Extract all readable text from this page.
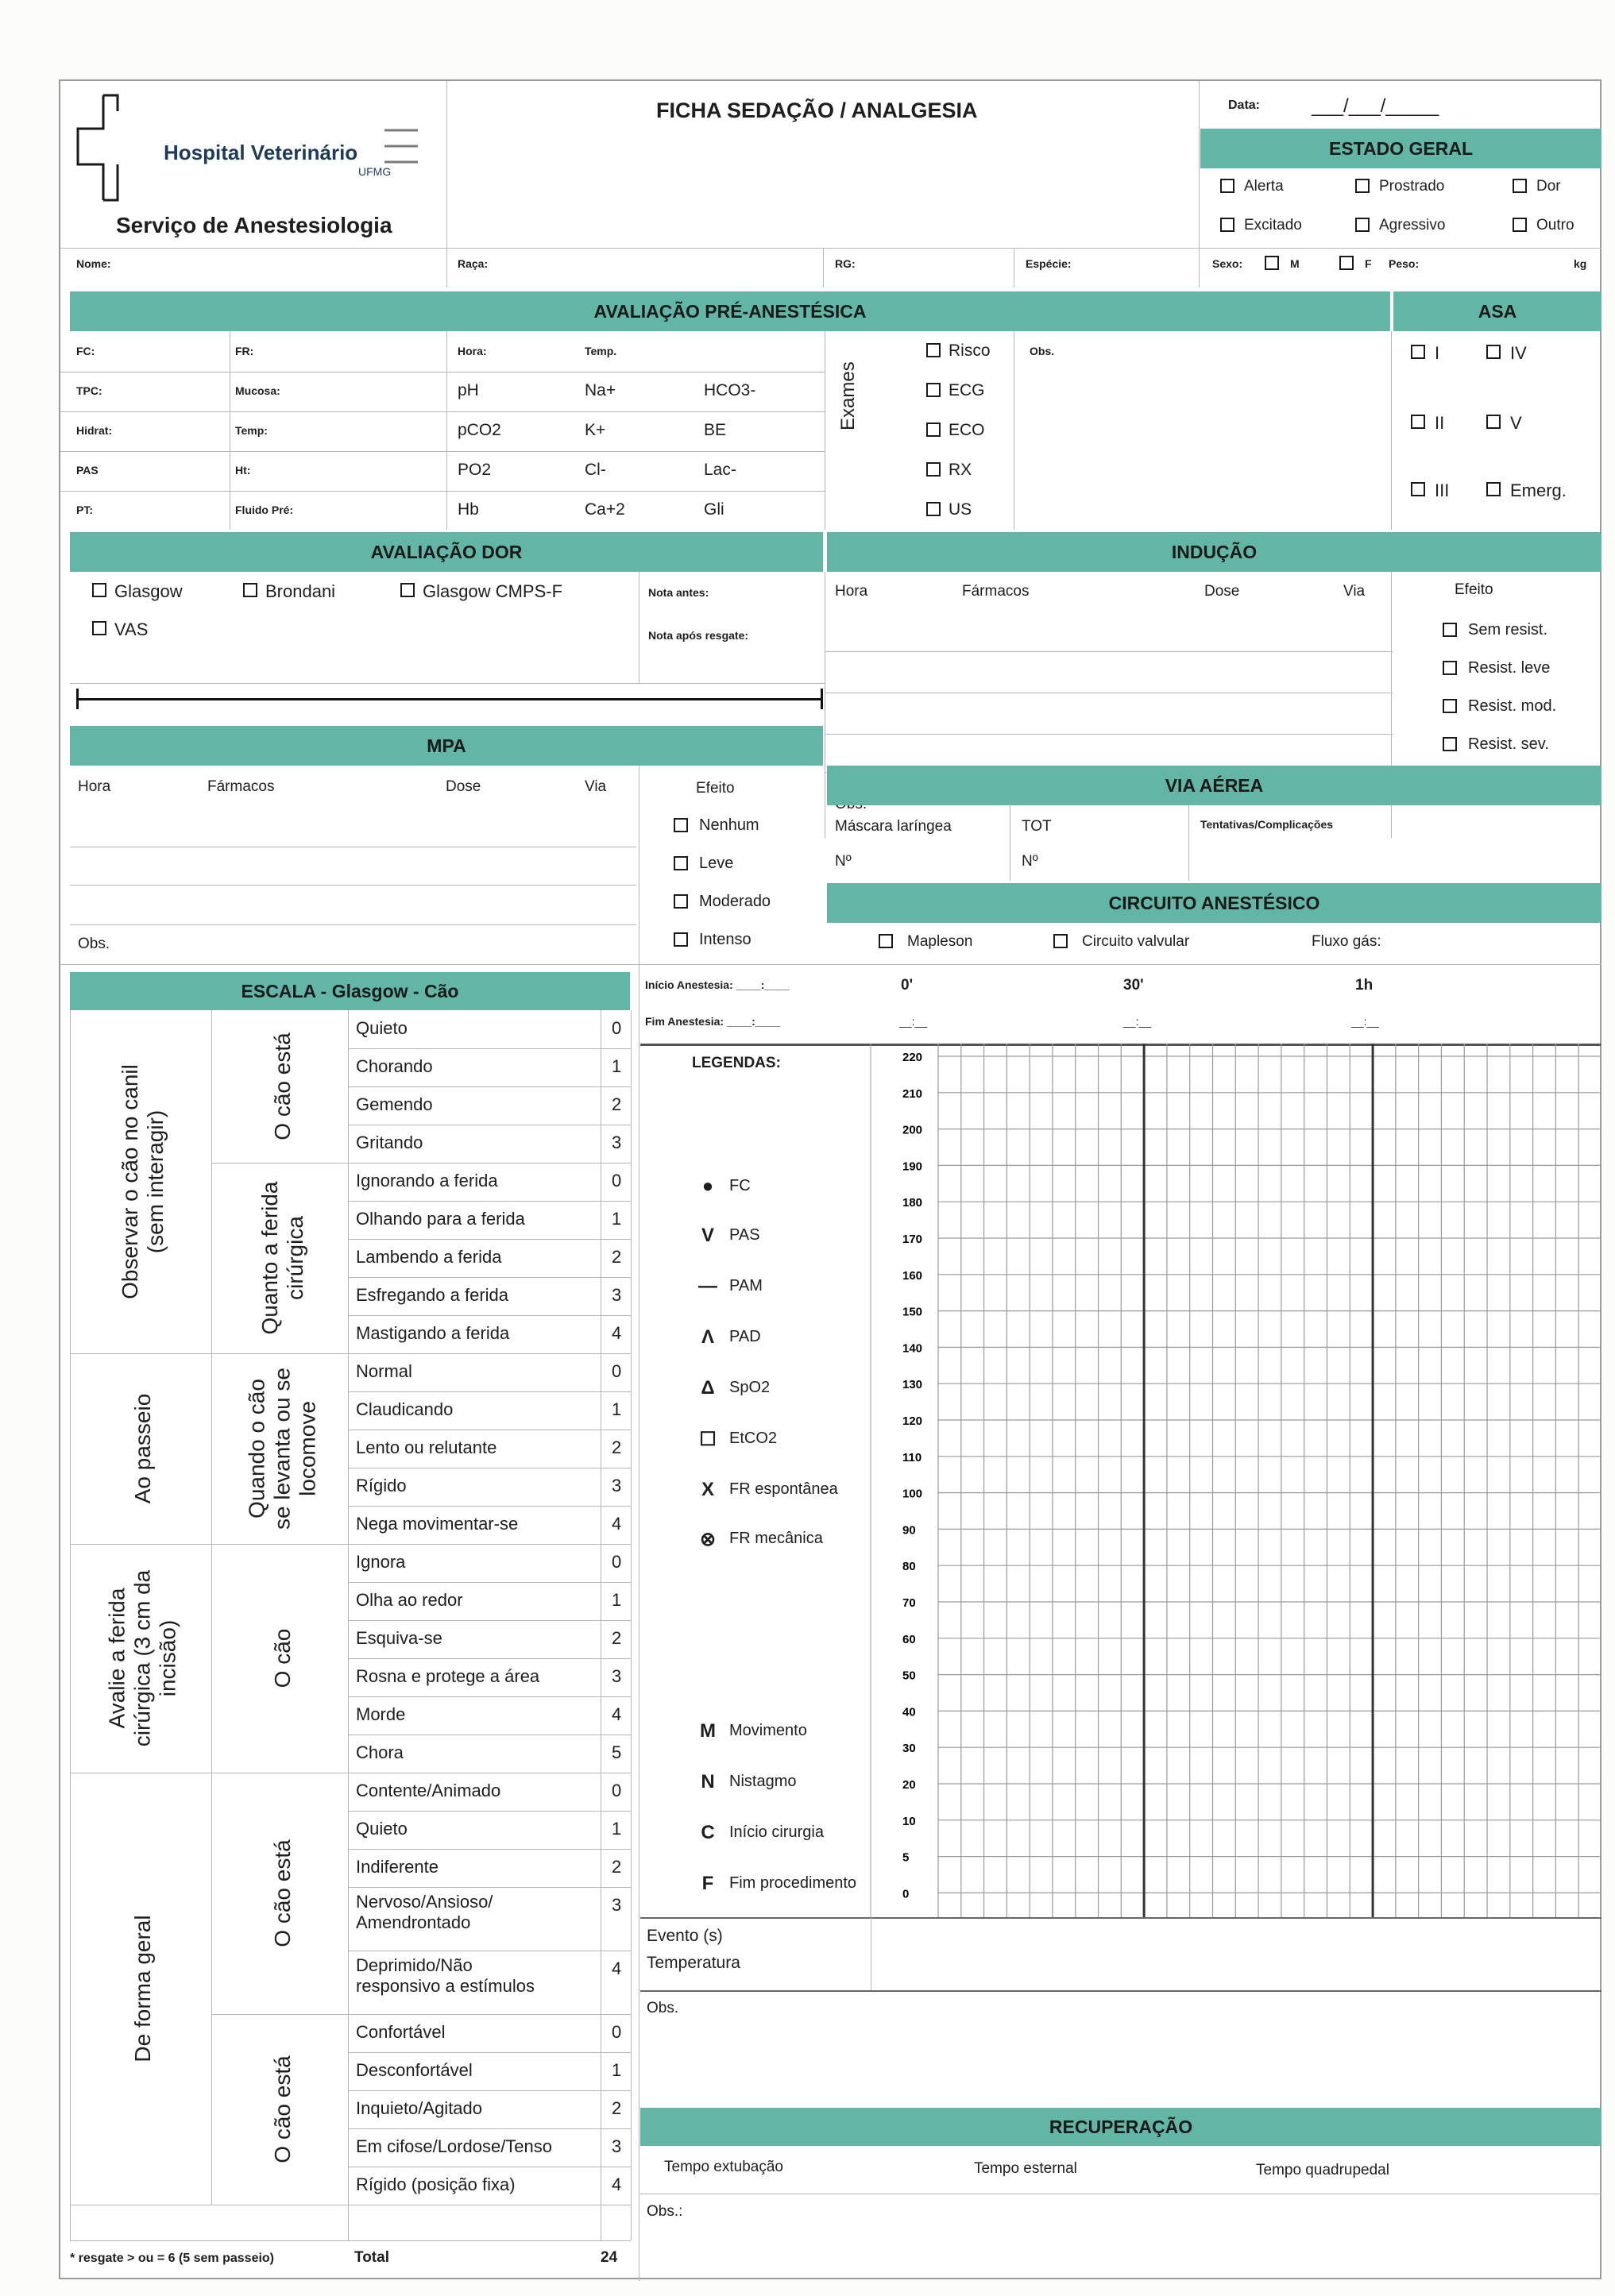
Hospital Veterinário
UFMG
Serviço de Anestesiologia
FICHA SEDAÇÃO / ANALGESIA	Data:	___/___/_____
ESTADO GERAL
Alerta	Prostrado	Dor
Excitado	Agressivo	Outro
Nome:	Raça:	RG:	Espécie:	Sexo:	M	F Peso:	kg
AVALIAÇÃO PRÉ-ANESTÉSICA	ASA
FC:	FR:	Hora:	Temp.
TPC:	Mucosa:	pH	Na+	HCO3-
Hidrat:	Temp:	pCO2	K+	BE
PAS	Ht:	PO2	Cl-	Lac-
PT:	Fluido Pré:	Hb	Ca+2	Gli
Exames
Risco
ECG
ECO
RX
US
Obs.	I	IV
II	V
III	Emerg.
AVALIAÇÃO DOR	INDUÇÃO
Glasgow	Brondani	Glasgow CMPS-F
VAS
Nota antes:
Nota após resgate:
Hora	Fármacos	Dose	Via	Efeito
Sem resist.
Resist. leve
Resist. mod.
Resist. sev.
MPA
Hora	Fármacos	Dose	Via
Obs.
Efeito
Nenhum
Leve
Moderado
Intenso
VIA AÉREA
Máscara laríngea
Nº
TOT
Nº
Tentativas/Complicações
CIRCUITO ANESTÉSICO
Mapleson	Circuito valvular	Fluxo gás:
ESCALA - Glasgow - Cão
Quieto	0
Chorando	1
Gemendo	2
Gritando	3
O cão está
Ignorando a ferida	0
Olhando para a ferida	1
Lambendo a ferida	2
Esfregando a ferida	3
Mastigando a ferida	4
Quanto a ferida
cirúrgica
Observar o cão no canil
(sem interagir)
Normal	0
Claudicando	1
Lento ou relutante	2
Rígido	3
Nega movimentar-se	4
Quando o cão
se levanta ou se
locomove
Ao passeio
Ignora	0
Olha ao redor	1
Esquiva-se	2
Rosna e protege a área	3
Morde	4
Chora	5
O cão
Avalie a ferida
cirúrgica (3 cm da
incisão)
Contente/Animado	0
Quieto	1
Indiferente	2
Nervoso/Ansioso/
Amendrontado
3
Deprimido/Não
responsivo a estímulos
4
O cão está
Confortável	0
Desconfortável	1
Inquieto/Agitado	2
Em cifose/Lordose/Tenso	3
Rígido (posição fixa)	4
O cão está
De forma geral
* resgate > ou = 6 (5 sem passeio)	Total	24
Início Anestesia: ____:____
Fim Anestesia: ____:____
0'	30'	1h
__:__	__:__	__:__
LEGENDAS:
● FC
V PAS
— PAM
Λ PAD
Δ SpO2
☐ EtCO2
X FR espontânea
⊗ FR mecânica
M Movimento
N Nistagmo
C Início cirurgia
F Fim procedimento
220
210
200
190
180
170
160
150
140
130
120
110
100
90
80
70
60
50
40
30
20
10
5
0
Evento (s)
Temperatura
Obs.
RECUPERAÇÃO
Tempo extubação	Tempo esternal	Tempo quadrupedal
Obs.:
